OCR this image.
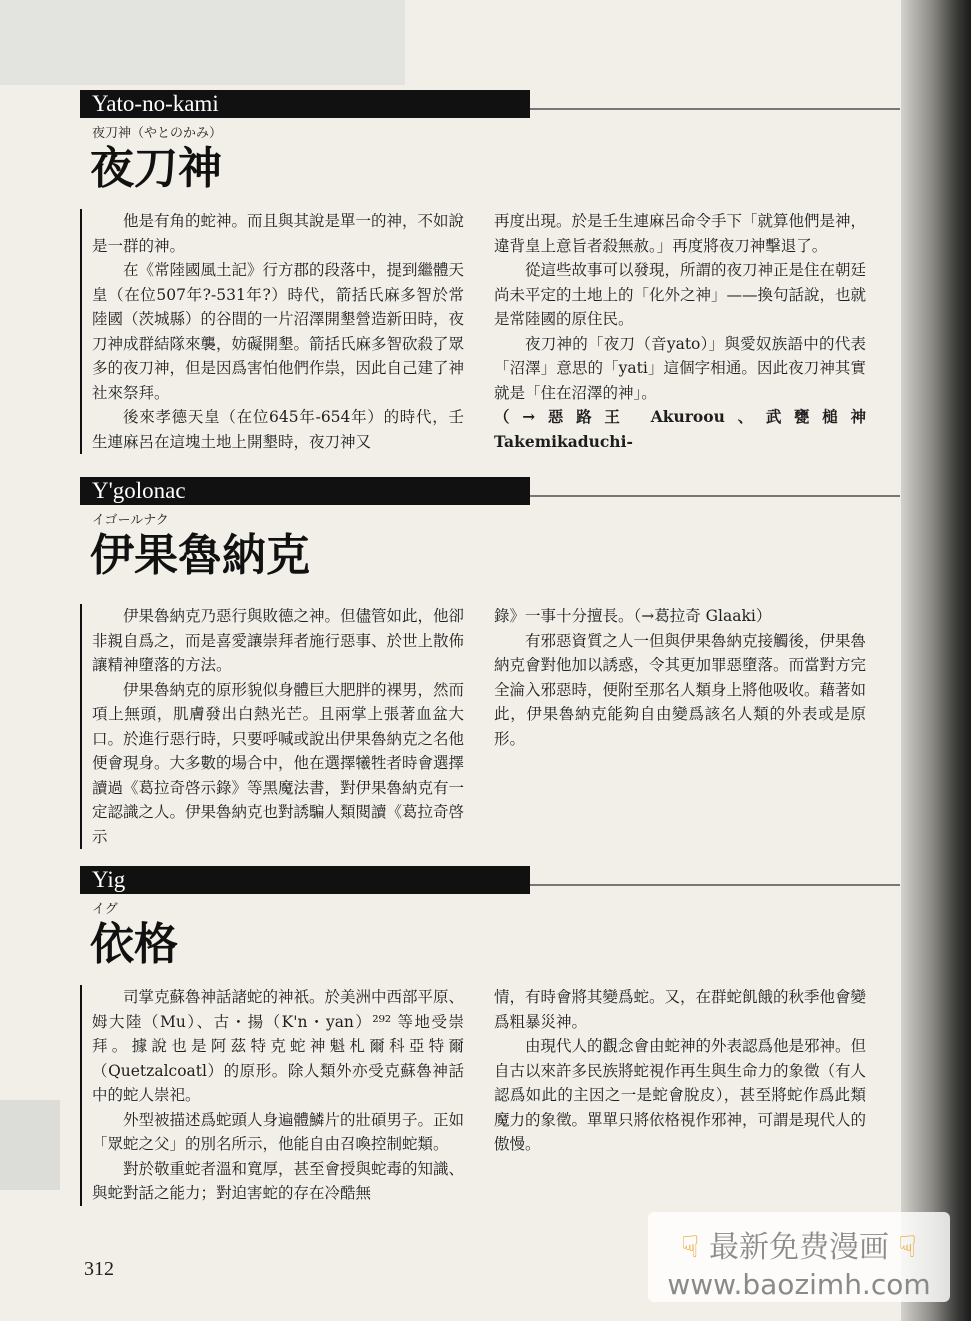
Yato-no-kami
夜刀神（やとのかみ）
夜刀神

他是有角的蛇神。而且與其說是單一的神，不如說是一群的神。

在《常陸國風土記》行方郡的段落中，提到繼體天皇（在位507年?-531年?）時代，箭括氏麻多智於常陸國（茨城縣）的谷間的一片沼澤開墾營造新田時，夜刀神成群結隊來襲，妨礙開墾。箭括氏麻多智砍殺了眾多的夜刀神，但是因爲害怕他們作祟，因此自己建了神社來祭拜。

後來孝德天皇（在位645年-654年）的時代，壬生連麻呂在這塊土地上開墾時，夜刀神又

再度出現。於是壬生連麻呂命令手下「就算他們是神，違背皇上意旨者殺無赦。」再度將夜刀神擊退了。

從這些故事可以發現，所謂的夜刀神正是住在朝廷尚未平定的土地上的「化外之神」——換句話說，也就是常陸國的原住民。

夜刀神的「夜刀（音yato）」與愛奴族語中的代表「沼澤」意思的「yati」這個字相通。因此夜刀神其實就是「住在沼澤的神」。

（→惡路王 Akuroou、武甕槌神 Takemikaduchi-

Y'golonac
イゴールナク
伊果魯納克

伊果魯納克乃惡行與敗德之神。但儘管如此，他卻非親自爲之，而是喜愛讓崇拜者施行惡事、於世上散佈讓精神墮落的方法。

伊果魯納克的原形貌似身體巨大肥胖的裸男，然而項上無頭，肌膚發出白熱光芒。且兩掌上張著血盆大口。於進行惡行時，只要呼喊或說出伊果魯納克之名他便會現身。大多數的場合中，他在選擇犧牲者時會選擇讀過《葛拉奇啓示錄》等黑魔法書，對伊果魯納克有一定認識之人。伊果魯納克也對誘騙人類閱讀《葛拉奇啓示

錄》一事十分擅長。（→葛拉奇 Glaaki）

有邪惡資質之人一但與伊果魯納克接觸後，伊果魯納克會對他加以誘惑，令其更加罪惡墮落。而當對方完全淪入邪惡時，便附至那名人類身上將他吸收。藉著如此，伊果魯納克能夠自由變爲該名人類的外表或是原形。

Yig
イグ
依格

司掌克蘇魯神話諸蛇的神祇。於美洲中西部平原、姆大陸（Mu）、古・揚（K'n・yan）²⁹² 等地受崇拜。據說也是阿茲特克蛇神魁札爾科亞特爾（Quetzalcoatl）的原形。除人類外亦受克蘇魯神話中的蛇人崇祀。

外型被描述爲蛇頭人身遍體鱗片的壯碩男子。正如「眾蛇之父」的別名所示，他能自由召喚控制蛇類。

對於敬重蛇者溫和寬厚，甚至會授與蛇毒的知識、與蛇對話之能力；對迫害蛇的存在冷酷無

情，有時會將其變爲蛇。又，在群蛇飢餓的秋季他會變爲粗暴災神。

由現代人的觀念會由蛇神的外表認爲他是邪神。但自古以來許多民族將蛇視作再生與生命力的象徵（有人認爲如此的主因之一是蛇會脫皮），甚至將蛇作爲此類魔力的象徵。單單只將依格視作邪神，可謂是現代人的傲慢。

312
☟ 最新免费漫画 ☟
www.baozimh.com
